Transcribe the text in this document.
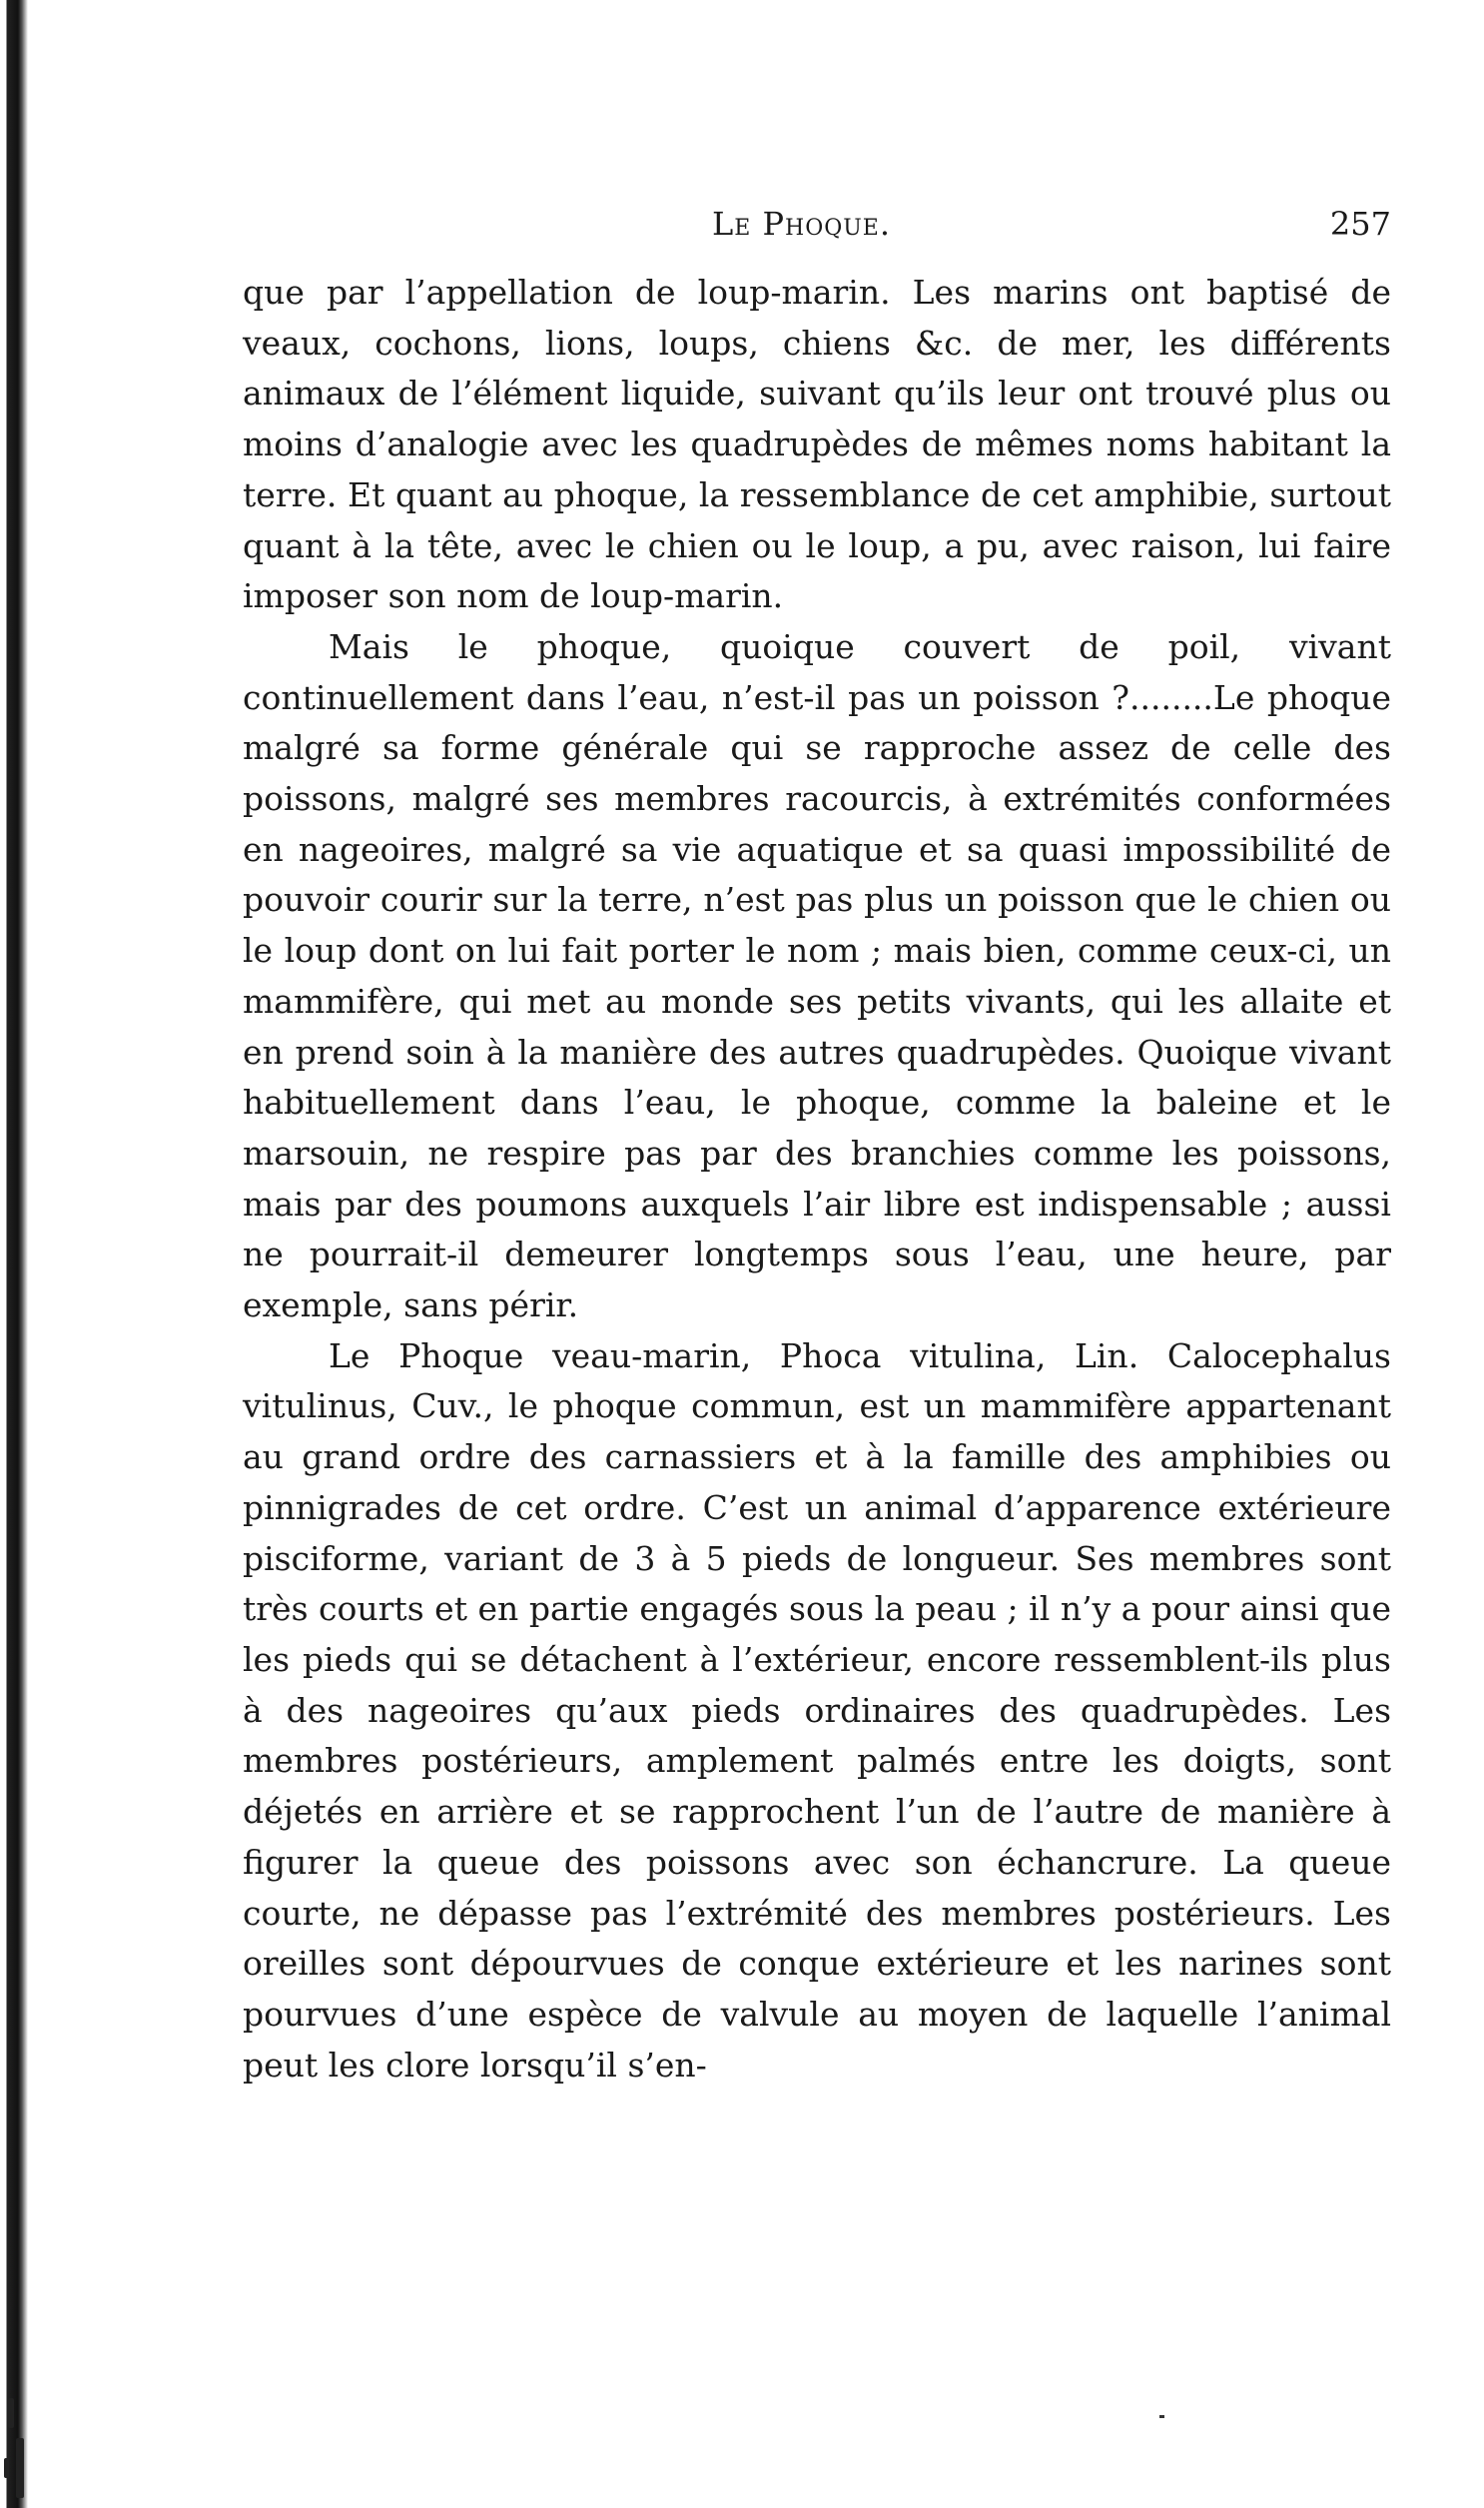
Le Phoque.	257

que par l’appellation de loup-marin. Les marins ont baptisé de veaux, cochons, lions, loups, chiens &c. de mer, les différents animaux de l’élément liquide, suivant qu’ils leur ont trouvé plus ou moins d’analogie avec les quadrupèdes de mêmes noms habitant la terre. Et quant au phoque, la ressemblance de cet amphibie, surtout quant à la tête, avec le chien ou le loup, a pu, avec raison, lui faire imposer son nom de loup-marin.

Mais le phoque, quoique couvert de poil, vivant continuellement dans l’eau, n’est-il pas un poisson ?........Le phoque malgré sa forme générale qui se rapproche assez de celle des poissons, malgré ses membres racourcis, à extrémités conformées en nageoires, malgré sa vie aquatique et sa quasi impossibilité de pouvoir courir sur la terre, n’est pas plus un poisson que le chien ou le loup dont on lui fait porter le nom ; mais bien, comme ceux-ci, un mammifère, qui met au monde ses petits vivants, qui les allaite et en prend soin à la manière des autres quadrupèdes. Quoique vivant habituellement dans l’eau, le phoque, comme la baleine et le marsouin, ne respire pas par des branchies comme les poissons, mais par des poumons auxquels l’air libre est indispensable ; aussi ne pourrait-il demeurer longtemps sous l’eau, une heure, par exemple, sans périr.

Le Phoque veau-marin, Phoca vitulina, Lin. Calocephalus vitulinus, Cuv., le phoque commun, est un mammifère appartenant au grand ordre des carnassiers et à la famille des amphibies ou pinnigrades de cet ordre. C’est un animal d’apparence extérieure pisciforme, variant de 3 à 5 pieds de longueur. Ses membres sont très courts et en partie engagés sous la peau ; il n’y a pour ainsi que les pieds qui se détachent à l’extérieur, encore ressemblent-ils plus à des nageoires qu’aux pieds ordinaires des quadrupèdes. Les membres postérieurs, amplement palmés entre les doigts, sont déjetés en arrière et se rapprochent l’un de l’autre de manière à figurer la queue des poissons avec son échancrure. La queue courte, ne dépasse pas l’extrémité des membres postérieurs. Les oreilles sont dépourvues de conque extérieure et les narines sont pourvues d’une espèce de valvule au moyen de laquelle l’animal peut les clore lorsqu’il s’en-
